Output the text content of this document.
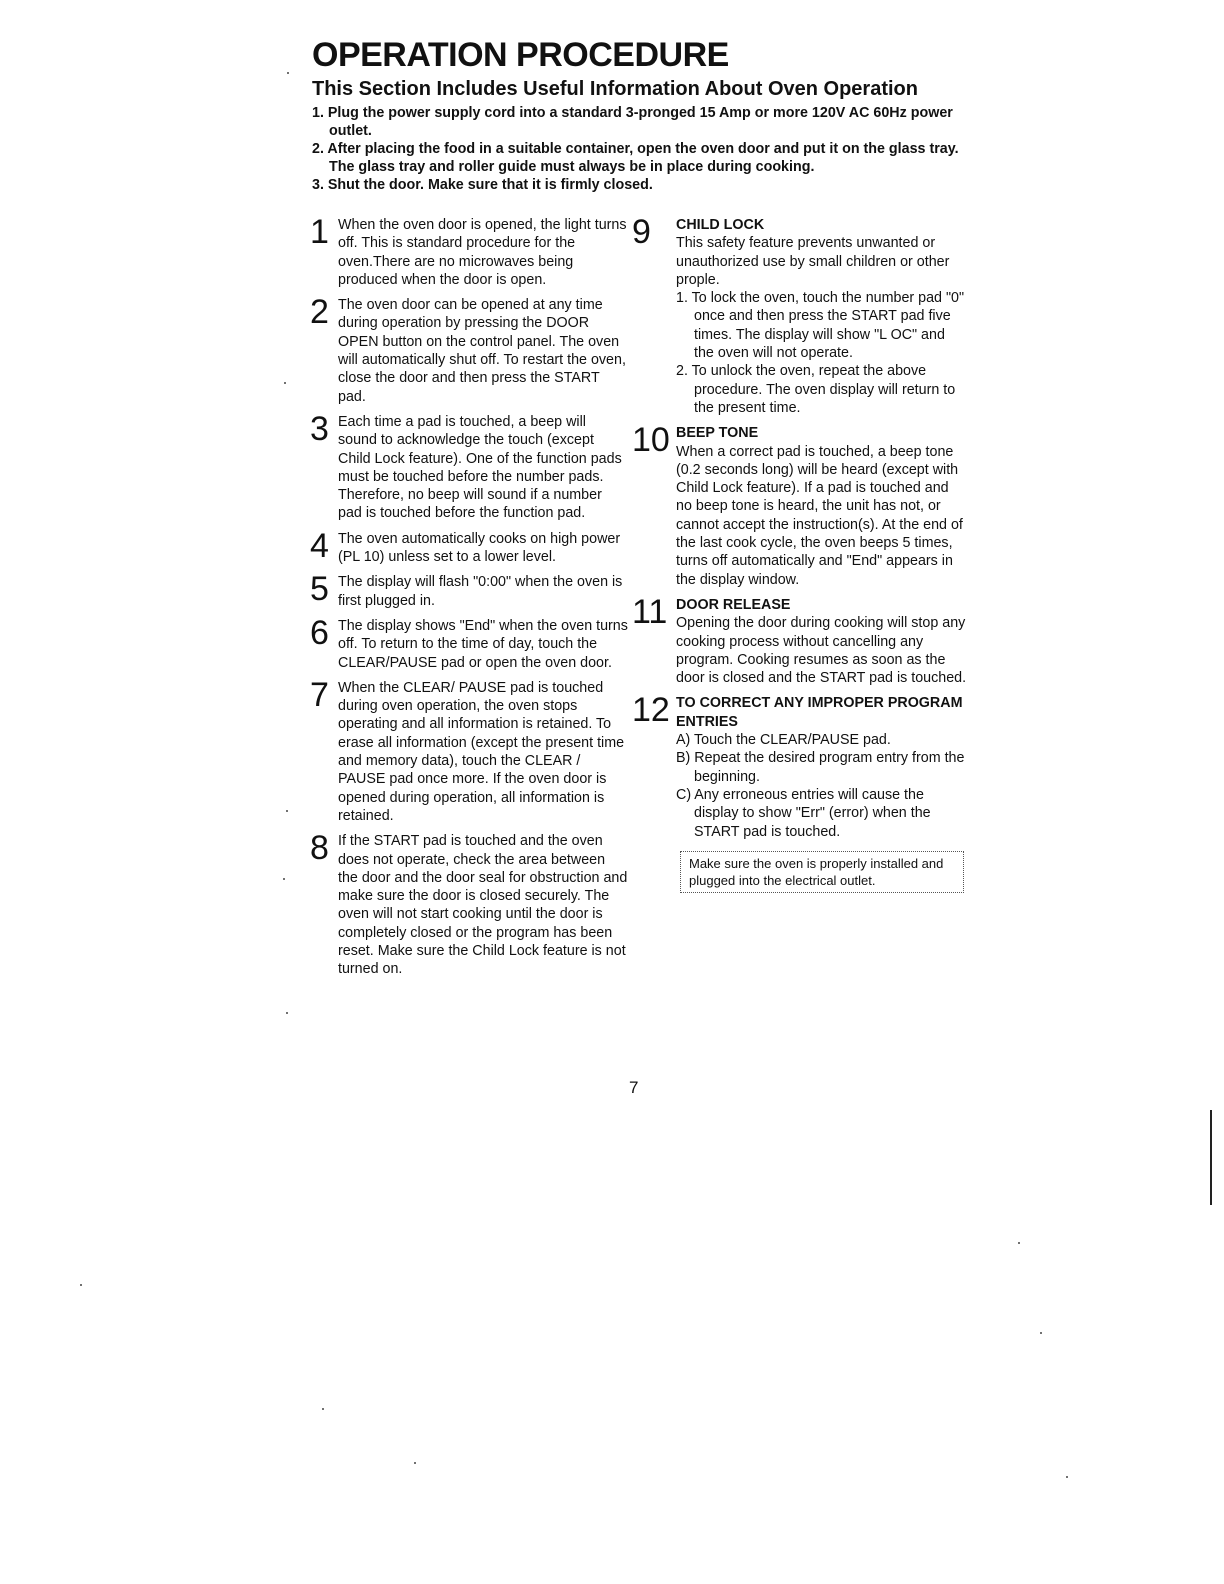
OPERATION PROCEDURE
This Section Includes Useful Information About Oven Operation
1. Plug the power supply cord into a standard 3-pronged 15 Amp or more 120V AC 60Hz power outlet.
2. After placing the food in a suitable container, open the oven door and put it on the glass tray. The glass tray and roller guide must always be in place during cooking.
3. Shut the door. Make sure that it is firmly closed.
1 When the oven door is opened, the light turns off. This is standard procedure for the oven.There are no microwaves being produced when the door is open.
2 The oven door can be opened at any time during operation by pressing the DOOR OPEN button on the control panel. The oven will automatically shut off. To restart the oven, close the door and then press the START pad.
3 Each time a pad is touched, a beep will sound to acknowledge the touch (except Child Lock feature). One of the function pads must be touched before the number pads. Therefore, no beep will sound if a number pad is touched before the function pad.
4 The oven automatically cooks on high power (PL 10) unless set to a lower level.
5 The display will flash "0:00" when the oven is first plugged in.
6 The display shows "End" when the oven turns off. To return to the time of day, touch the CLEAR/PAUSE pad or open the oven door.
7 When the CLEAR/ PAUSE pad is touched during oven operation, the oven stops operating and all information is retained. To erase all information (except the present time and memory data), touch the CLEAR / PAUSE pad once more. If the oven door is opened during operation, all information is retained.
8 If the START pad is touched and the oven does not operate, check the area between the door and the door seal for obstruction and make sure the door is closed securely. The oven will not start cooking until the door is completely closed or the program has been reset. Make sure the Child Lock feature is not turned on.
9	CHILD LOCK
This safety feature prevents unwanted or unauthorized use by small children or other prople.
1. To lock the oven, touch the number pad "0" once and then press the START pad five times. The display will show "L OC" and the oven will not operate.
2. To unlock the oven, repeat the above procedure. The oven display will return to the present time.
10 BEEP TONE
When a correct pad is touched, a beep tone (0.2 seconds long) will be heard (except with Child Lock feature). If a pad is touched and no beep tone is heard, the unit has not, or cannot accept the instruction(s). At the end of the last cook cycle, the oven beeps 5 times, turns off automatically and "End" appears in the display window.
11 DOOR RELEASE
Opening the door during cooking will stop any cooking process without cancelling any program. Cooking resumes as soon as the door is closed and the START pad is touched.
12 TO CORRECT ANY IMPROPER PROGRAM ENTRIES
A) Touch the CLEAR/PAUSE pad.
B) Repeat the desired program entry from the beginning.
C) Any erroneous entries will cause the display to show "Err" (error) when the START pad is touched.
Make sure the oven is properly installed and plugged into the electrical outlet.
7
